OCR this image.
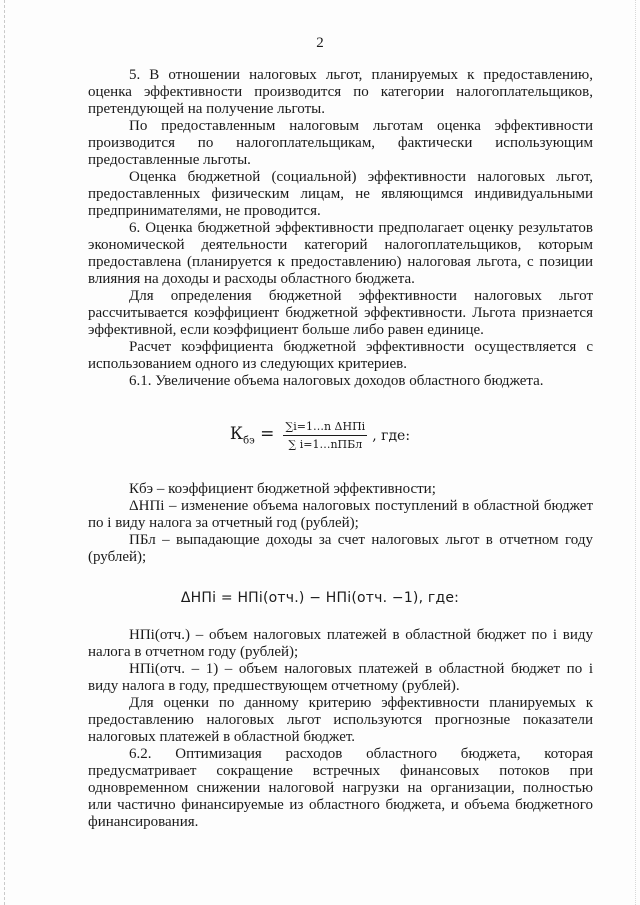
2

5. В отношении налоговых льгот, планируемых к предоставлению, оценка эффективности производится по категории налогоплательщиков, претендующей на получение льготы.

По предоставленным налоговым льготам оценка эффективности производится по налогоплательщикам, фактически использующим предоставленные льготы.

Оценка бюджетной (социальной) эффективности налоговых льгот, предоставленных физическим лицам, не являющимся индивидуальными предпринимателями, не проводится.

6. Оценка бюджетной эффективности предполагает оценку результатов экономической деятельности категорий налогоплательщиков, которым предоставлена (планируется к предоставлению) налоговая льгота, с позиции влияния на доходы и расходы областного бюджета.

Для определения бюджетной эффективности налоговых льгот рассчитывается коэффициент бюджетной эффективности. Льгота признается эффективной, если коэффициент больше либо равен единице.

Расчет коэффициента бюджетной эффективности осуществляется с использованием одного из следующих критериев.

6.1. Увеличение объема налоговых доходов областного бюджета.

$К_{бэ} = \frac{\text{∑i=1…n ΔНПi}}{\text{∑ i=1…nПБл}}$ , где:

Кбэ – коэффициент бюджетной эффективности;

ΔНПi – изменение объема налоговых поступлений в областной бюджет по i виду налога за отчетный год (рублей);

ПБл – выпадающие доходы за счет налоговых льгот в отчетном году (рублей);

ΔНПi = НПi(отч.) − НПi(отч. −1), где:

НПi(отч.) – объем налоговых платежей в областной бюджет по i виду налога в отчетном году (рублей);

НПi(отч. – 1) – объем налоговых платежей в областной бюджет по i виду налога в году, предшествующем отчетному (рублей).

Для оценки по данному критерию эффективности планируемых к предоставлению налоговых льгот используются прогнозные показатели налоговых платежей в областной бюджет.

6.2. Оптимизация расходов областного бюджета, которая предусматривает сокращение встречных финансовых потоков при одновременном снижении налоговой нагрузки на организации, полностью или частично финансируемые из областного бюджета, и объема бюджетного финансирования.
